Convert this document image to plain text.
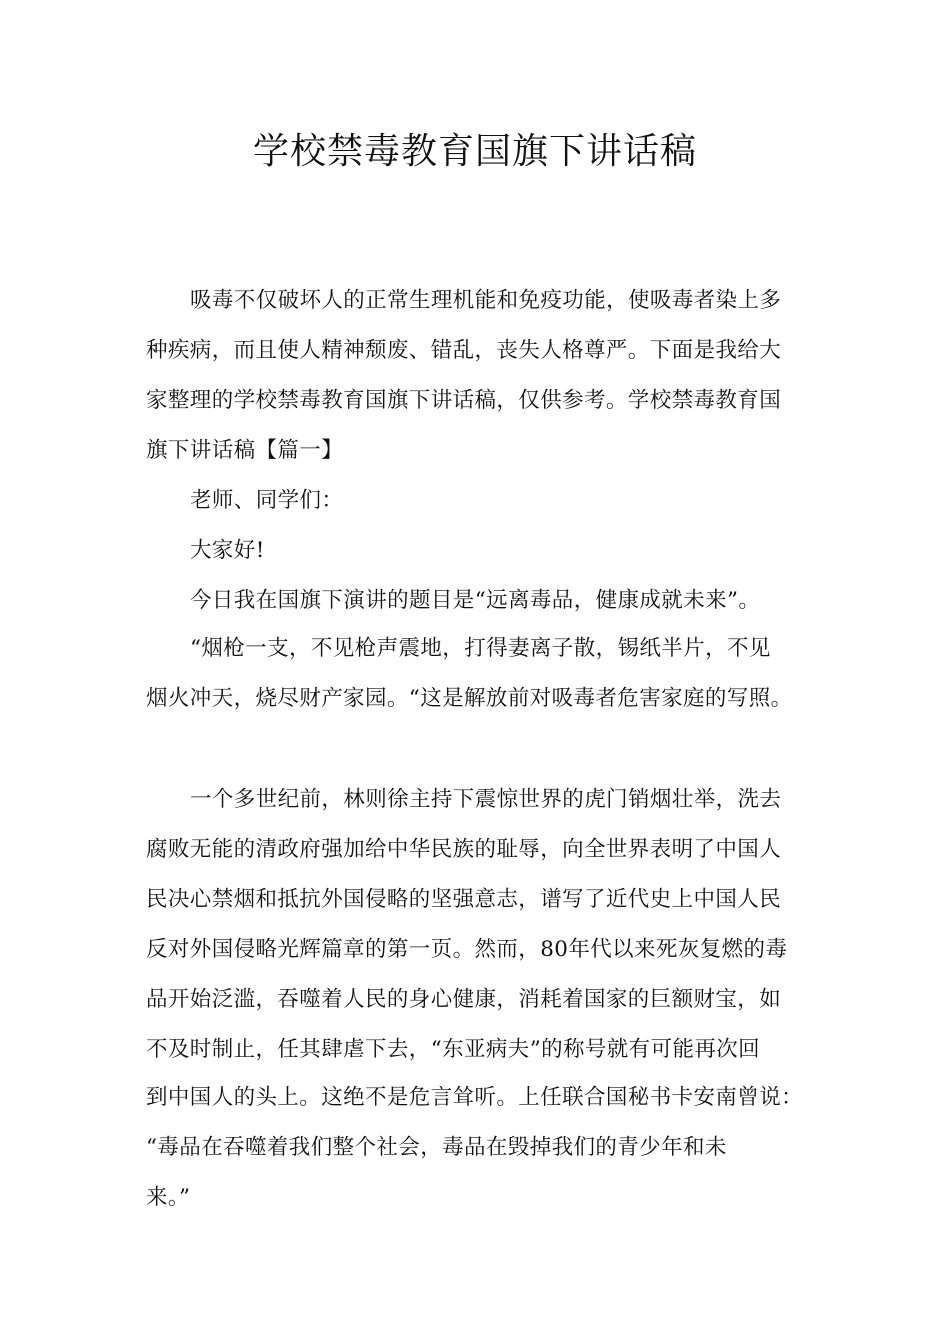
学校禁毒教育国旗下讲话稿
吸毒不仅破坏人的正常生理机能和免疫功能，使吸毒者染上多
种疾病，而且使人精神颓废、错乱，丧失人格尊严。下面是我给大
家整理的学校禁毒教育国旗下讲话稿，仅供参考。学校禁毒教育国
旗下讲话稿【篇一】
老师、同学们：
大家好!
今日我在国旗下演讲的题目是“远离毒品，健康成就未来”。
“烟枪一支，不见枪声震地，打得妻离子散，锡纸半片，不见
烟火冲天，烧尽财产家园。“这是解放前对吸毒者危害家庭的写照。
一个多世纪前，林则徐主持下震惊世界的虎门销烟壮举，洗去
腐败无能的清政府强加给中华民族的耻辱，向全世界表明了中国人
民决心禁烟和抵抗外国侵略的坚强意志，谱写了近代史上中国人民
反对外国侵略光辉篇章的第一页。然而，80年代以来死灰复燃的毒
品开始泛滥，吞噬着人民的身心健康，消耗着国家的巨额财宝，如
不及时制止，任其肆虐下去，“东亚病夫”的称号就有可能再次回
到中国人的头上。这绝不是危言耸听。上任联合国秘书卡安南曾说：
“毒品在吞噬着我们整个社会，毒品在毁掉我们的青少年和未
来。”
